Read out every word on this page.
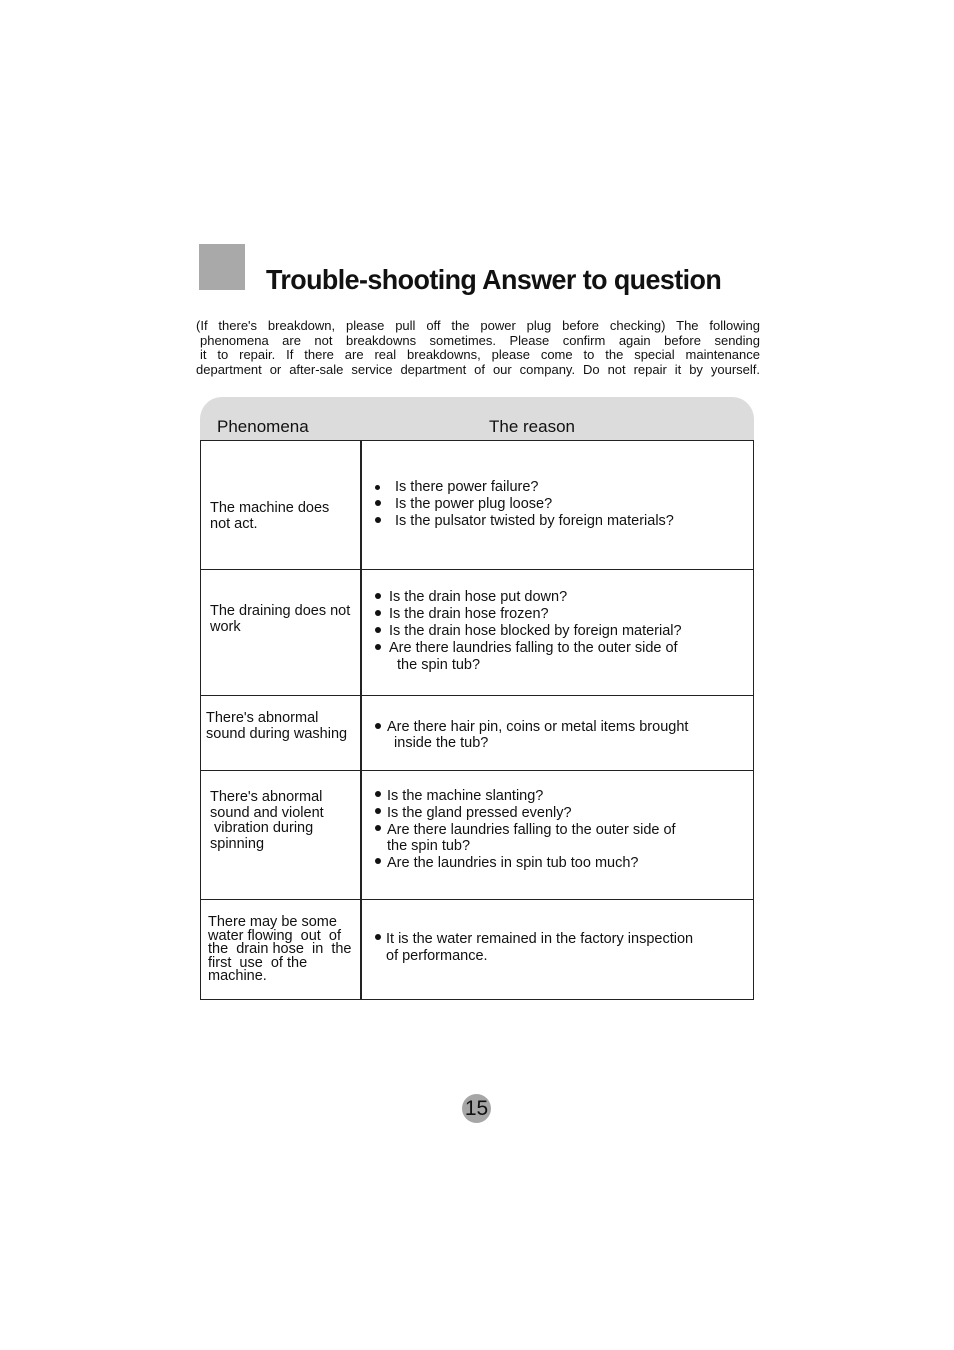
Trouble-shooting Answer to question
(If there's breakdown, please pull off the power plug before checking) The following
phenomena are not breakdowns sometimes. Please confirm again before sending
it to repair. If there are real breakdowns, please come to the special maintenance
department or after-sale service department of our company. Do not repair it by yourself.
Phenomena	The reason
The machine does
not act.
Is there power failure?
Is the power plug loose?
Is the pulsator twisted by foreign materials?
The draining does not
work
Is the drain hose put down?
Is the drain hose frozen?
Is the drain hose blocked by foreign material?
Are there laundries falling to the outer side of
the spin tub?
There's abnormal
sound during washing	Are there hair pin, coins or metal items brought
inside the tub?
There's abnormal
sound and violent
vibration during
spinning
Is the machine slanting?
Is the gland pressed evenly?
Are there laundries falling to the outer side of
the spin tub?
Are the laundries in spin tub too much?
There may be some
water flowing  out  of
the  drain hose  in  the
first  use  of the
machine.
It is the water remained in the factory inspection
of performance.
15
